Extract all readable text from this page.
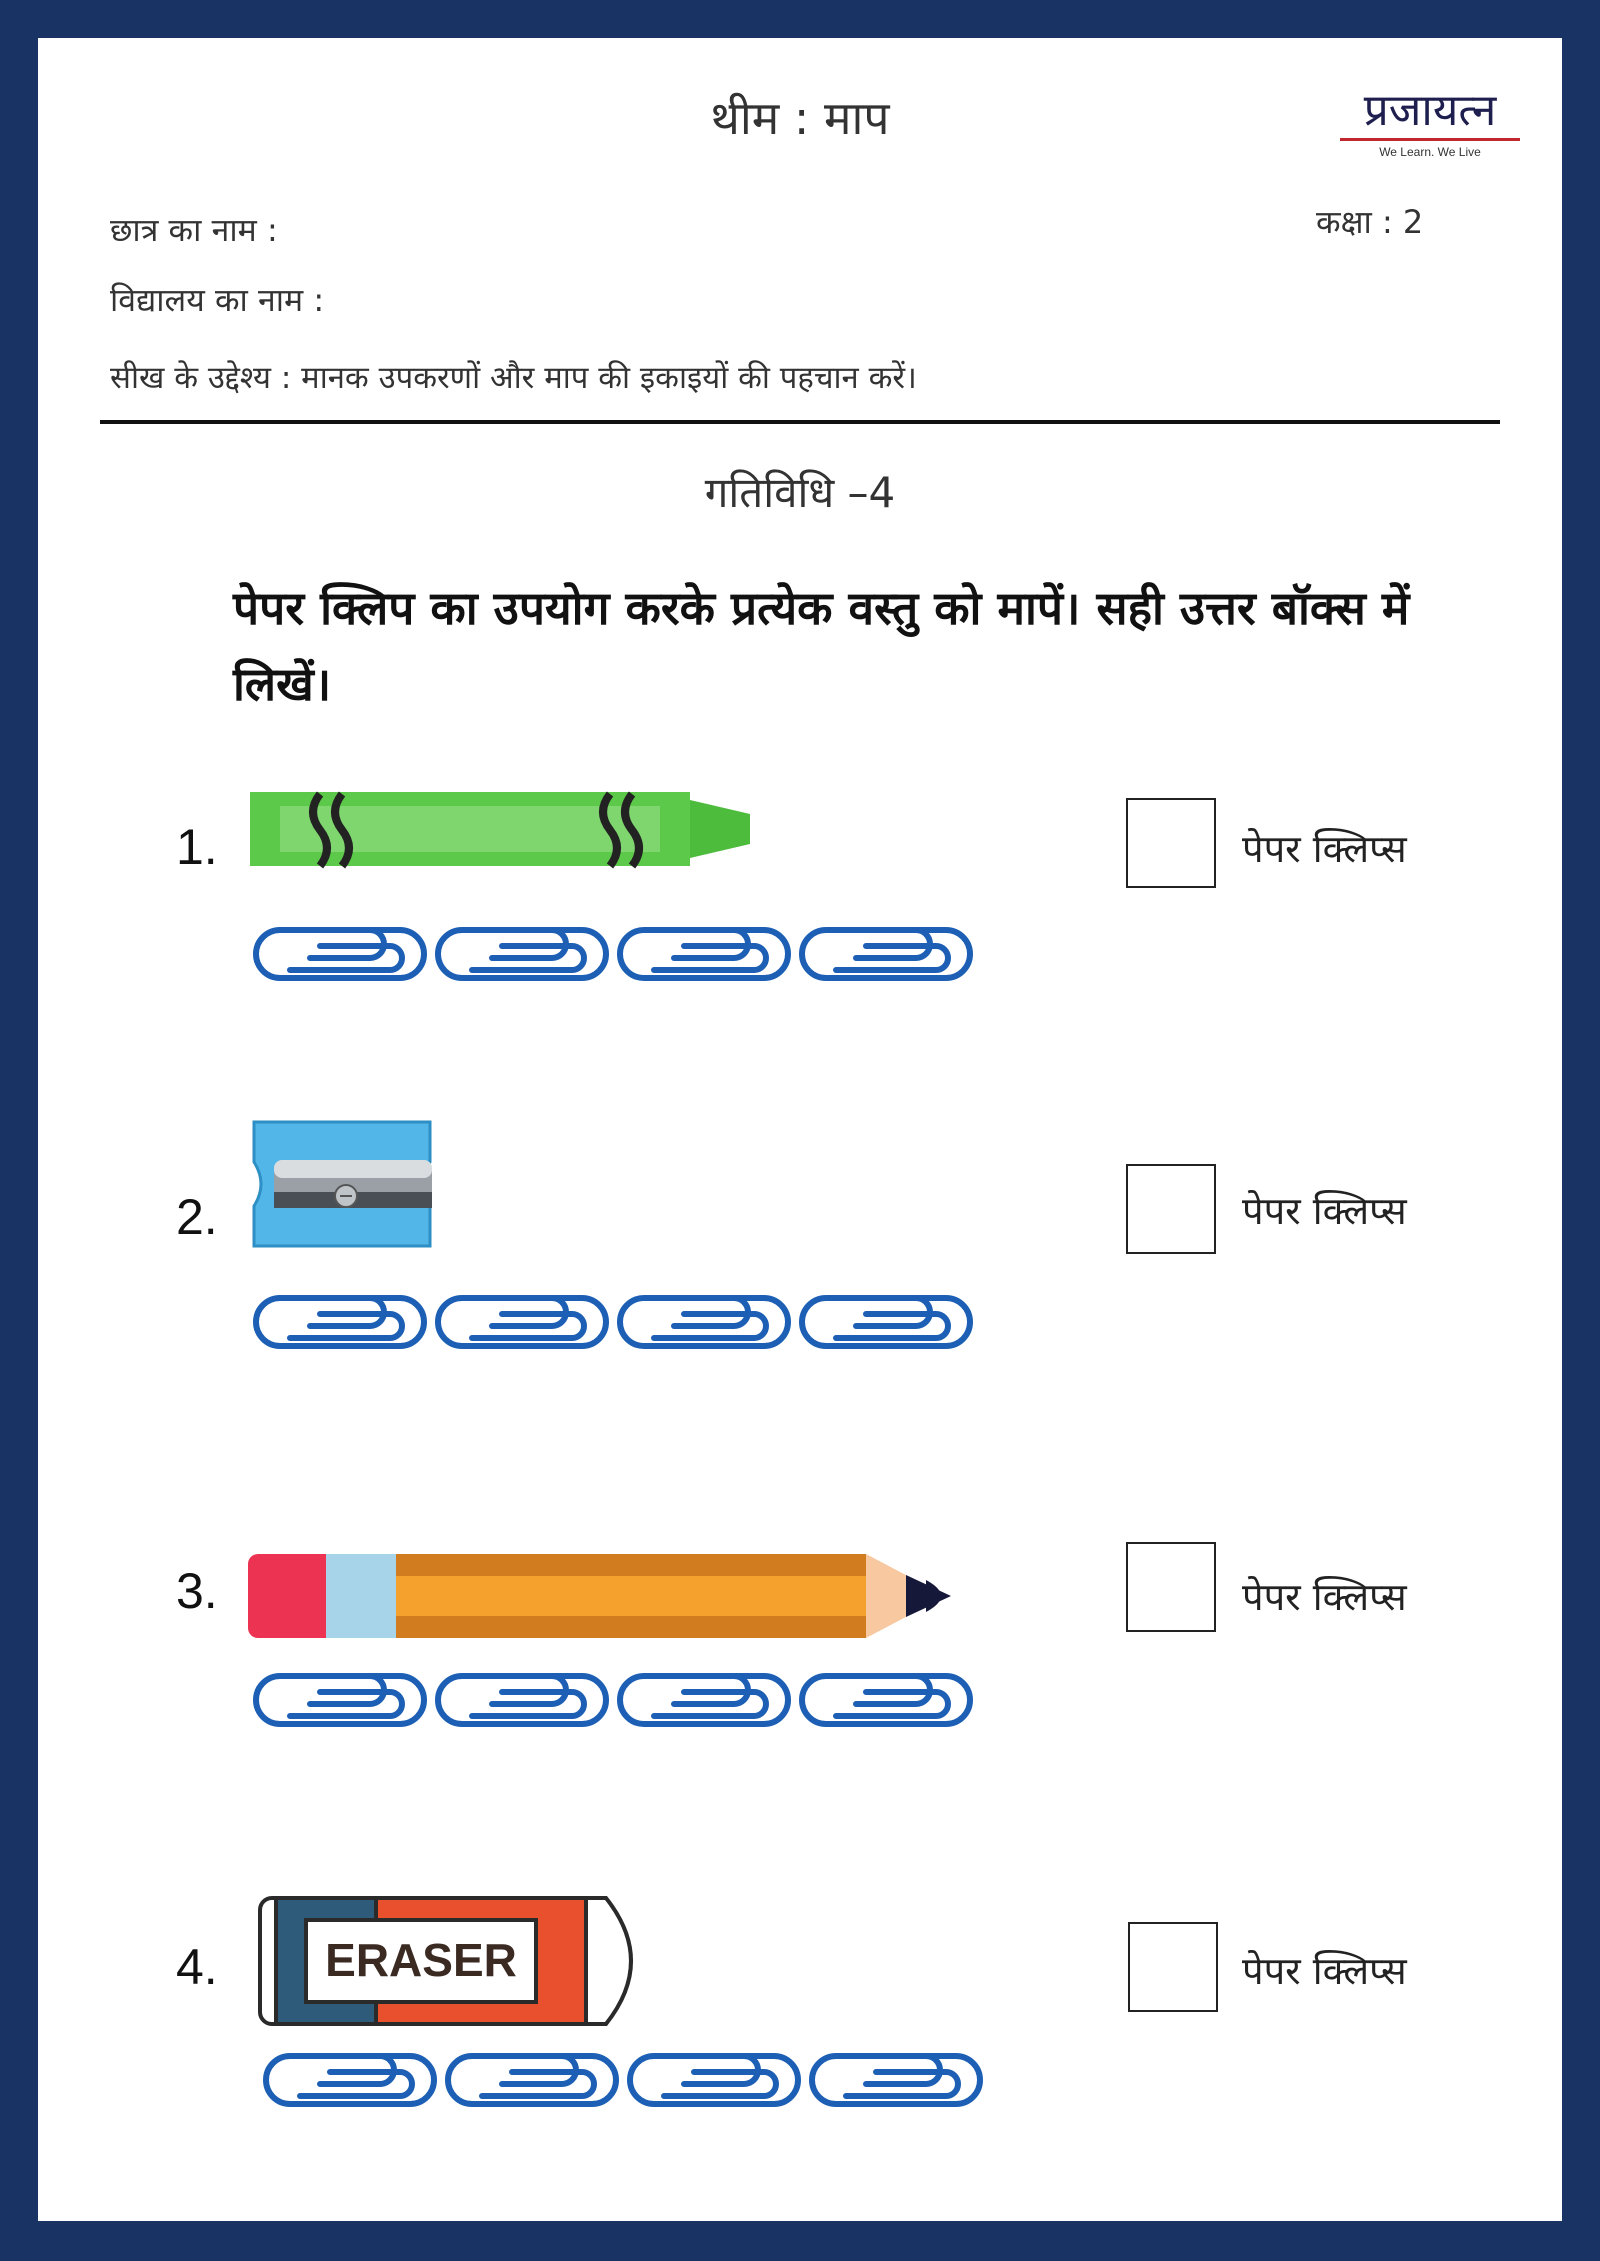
थीम : माप	प्रजायत्न
We Learn. We Live
छात्र का नाम :	कक्षा : 2
विद्यालय का नाम :
सीख के उद्देश्य : मानक उपकरणों और माप की इकाइयों की पहचान करें।
गतिविधि –4
पेपर क्लिप का उपयोग करके प्रत्येक वस्तु को मापें। सही उत्तर बॉक्स में लिखें।
1.	पेपर क्लिप्स
2.	पेपर क्लिप्स
3.	पेपर क्लिप्स
4. ERASER	पेपर क्लिप्स
